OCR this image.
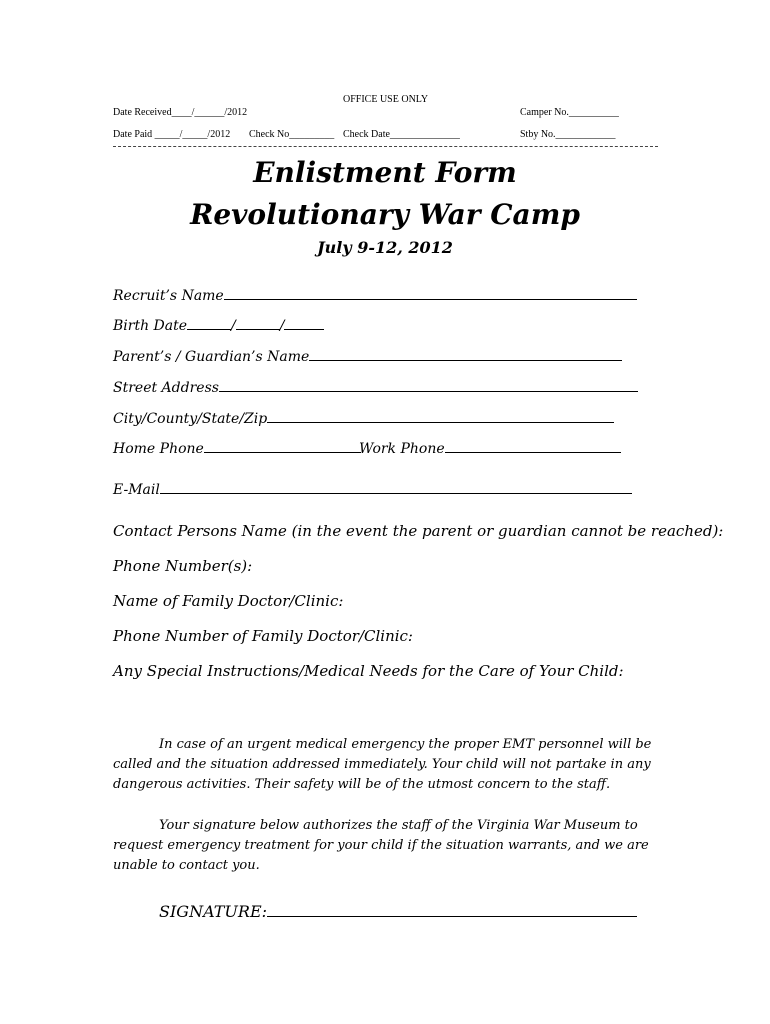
OFFICE USE ONLY
Date Received____/______/2012	Camper No.__________
Date Paid _____/_____/2012 Check No_________ Check Date______________	Stby No.____________
Enlistment Form
Revolutionary War Camp
July 9-12, 2012
Recruit’s Name
Birth Date	/	/
Parent’s / Guardian’s Name
Street Address
City/County/State/Zip
Home Phone	Work Phone
E-Mail
Contact Persons Name (in the event the parent or guardian cannot be reached):
Phone Number(s):
Name of Family Doctor/Clinic:
Phone Number of Family Doctor/Clinic:
Any Special Instructions/Medical Needs for the Care of Your Child:
In case of an urgent medical emergency the proper EMT personnel will be called and the situation addressed immediately. Your child will not partake in any dangerous activities. Their safety will be of the utmost concern to the staff.
Your signature below authorizes the staff of the Virginia War Museum to request emergency treatment for your child if the situation warrants, and we are unable to contact you.
SIGNATURE:
